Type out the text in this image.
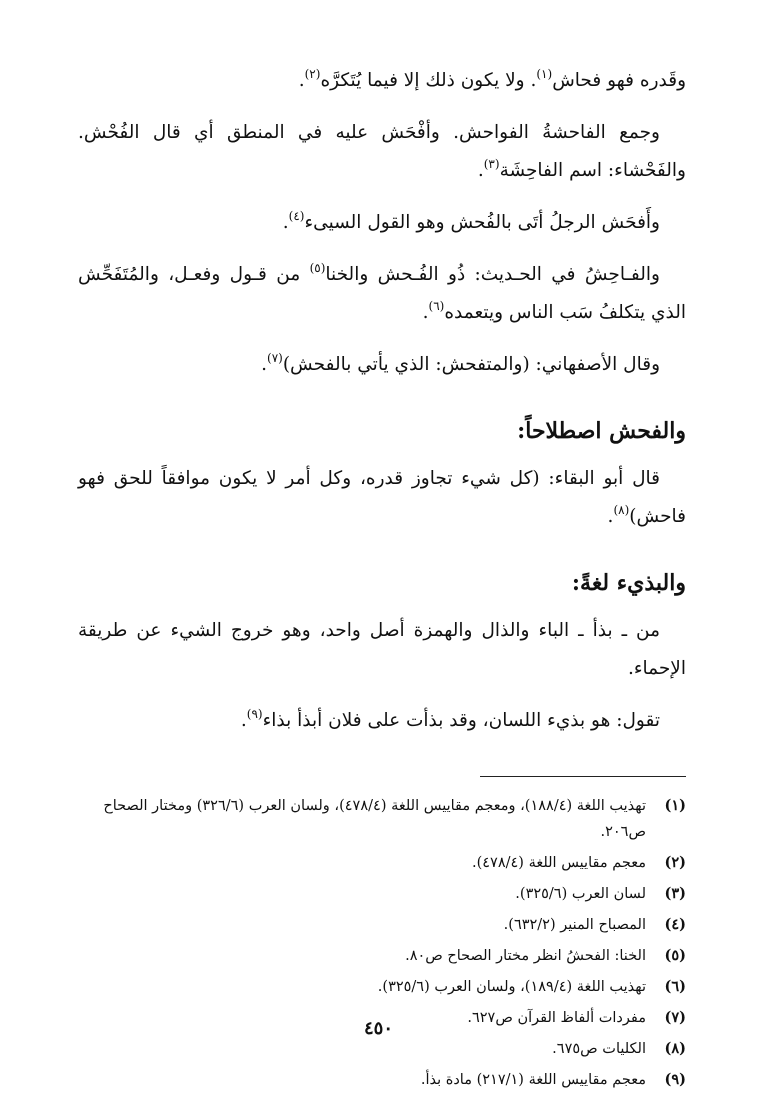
وقَدره فهو فحاش$^{(١)}$. ولا يكون ذلك إلا فيما يُتَكرَّه$^{(٢)}$.

وجمع الفاحشةُ الفواحش. وأفْحَش عليه في المنطق أي قال الفُحْش. والفَحْشاء: اسم الفاحِشَة$^{(٣)}$.

وأَفحَش الرجلُ أتَى بالفُحش وهو القول السيىء$^{(٤)}$.

والفـاحِشُ في الحـديث: ذُو الفُـحش والخنا$^{(٥)}$ من قـول وفعـل، والمُتَفَحِّش الذي يتكلفُ سَب الناس ويتعمده$^{(٦)}$.

وقال الأصفهاني: (والمتفحش: الذي يأتي بالفحش)$^{(٧)}$.

والفحش اصطلاحاً:

قال أبو البقاء: (كل شيء تجاوز قدره، وكل أمر لا يكون موافقاً للحق فهو فاحش)$^{(٨)}$.

والبذيء لغةً:

من ـ بذأ ـ الباء والذال والهمزة أصل واحد، وهو خروج الشيء عن طريقة الإحماء.

تقول: هو بذيء اللسان، وقد بذأت على فلان أبذأ بذاء$^{(٩)}$.

(١)
تهذيب اللغة (١٨٨/٤)، ومعجم مقاييس اللغة (٤٧٨/٤)، ولسان العرب (٣٢٦/٦) ومختار الصحاح ص٢٠٦.
(٢)
معجم مقاييس اللغة (٤٧٨/٤).
(٣)
لسان العرب (٣٢٥/٦).
(٤)
المصباح المنير (٦٣٢/٢).
(٥)
الخنا: الفحشُ انظر مختار الصحاح ص٨٠.
(٦)
تهذيب اللغة (١٨٩/٤)، ولسان العرب (٣٢٥/٦).
(٧)
مفردات ألفاظ القرآن ص٦٢٧.
(٨)
الكليات ص٦٧٥.
(٩)
معجم مقاييس اللغة (٢١٧/١) مادة بذأ.
٤٥٠
